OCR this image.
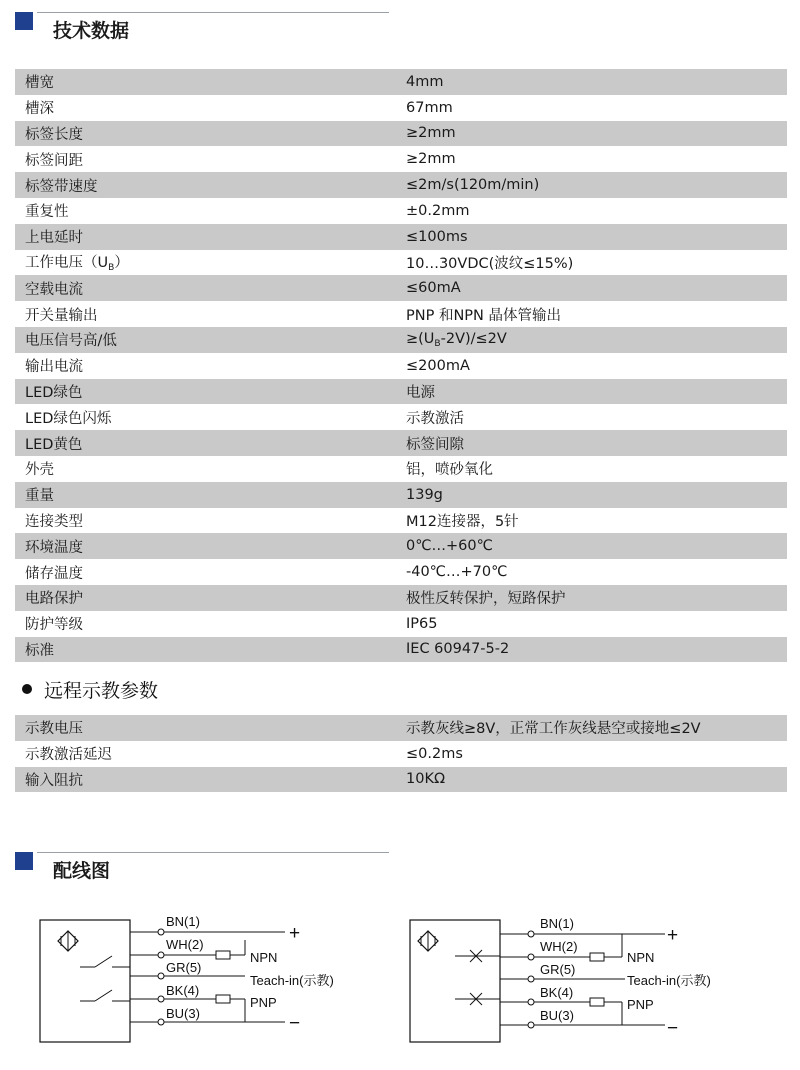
技术数据
槽宽	4mm
槽深	67mm
标签长度	≥2mm
标签间距	≥2mm
标签带速度	≤2m/s(120m/min)
重复性	±0.2mm
上电延时	≤100ms
工作电压$(U_B)$	10…30VDC(波纹≤15%)
空载电流	≤60mA
开关量输出	PNP 和NPN 晶体管输出
电压信号高/低	$\ge(U_B-2V)/\le 2V$
输出电流	≤200mA
LED绿色	电源
LED绿色闪烁	示教激活
LED黄色	标签间隙
外壳	铝，喷砂氧化
重量	139g
连接类型	M12连接器，5针
环境温度	0℃…+60℃
储存温度	-40℃…+70℃
电路保护	极性反转保护，短路保护
防护等级	IP65
标准	IEC 60947-5-2
远程示教参数
示教电压	示教灰线≥8V，正常工作灰线悬空或接地≤2V
示教激活延迟	≤0.2ms
输入阻抗	10KΩ
配线图
BN(1)
WH(2)
GR(5)
BK(4)
BU(3)
NPN
Teach-in(示教)
PNP
+
−
BN(1)
WH(2)
GR(5)
BK(4)
BU(3)
NPN
Teach-in(示教)
PNP
+
−
